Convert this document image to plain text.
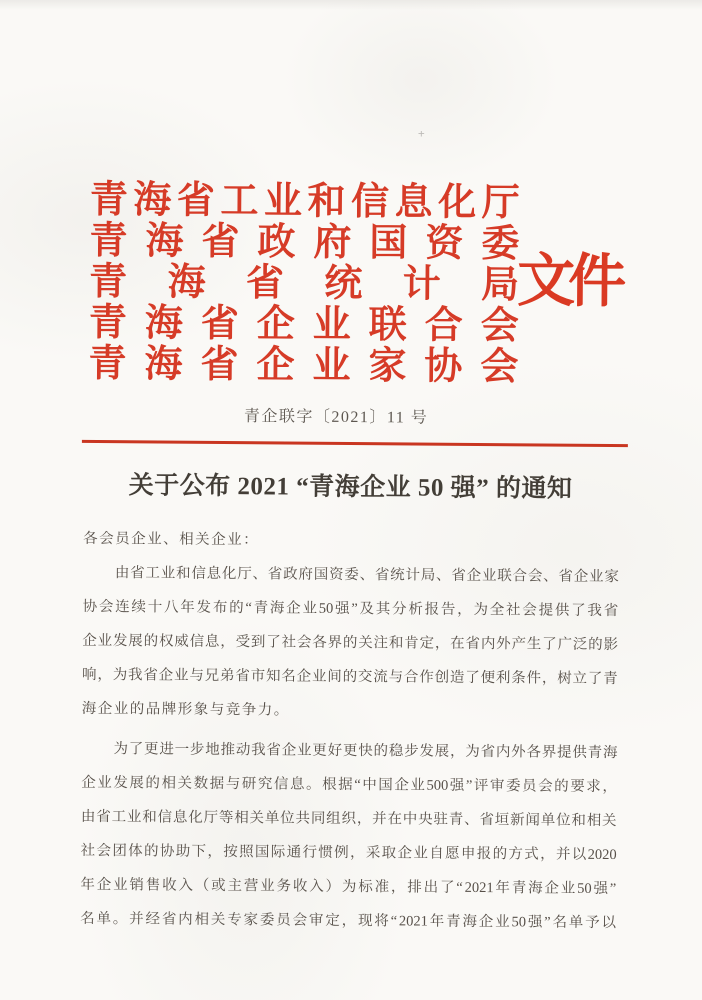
+
青 海 省 工 业 和 信 息 化 厅
青 海 省 政 府 国 资 委
青 海 省 统 计 局
青 海 省 企 业 联 合 会
青 海 省 企 业 家 协 会
文件
青企联字〔2021〕11 号
关于公布 2021 “青海企业 50 强” 的通知
各会员企业、相关企业：
由 省 工 业 和 信 息 化 厅 、 省 政 府 国 资 委 、 省 统 计 局 、 省 企 业 联 合 会 、 省 企 业 家
协 会 连 续 十 八 年 发 布 的 “ 青 海 企 业 50 强 ” 及 其 分 析 报 告 ， 为 全 社 会 提 供 了 我 省
企 业 发 展 的 权 威 信 息 ， 受 到 了 社 会 各 界 的 关 注 和 肯 定 ， 在 省 内 外 产 生 了 广 泛 的 影
响 ， 为 我 省 企 业 与 兄 弟 省 市 知 名 企 业 间 的 交 流 与 合 作 创 造 了 便 利 条 件 ， 树 立 了 青
海企业的品牌形象与竞争力。
为 了 更 进 一 步 地 推 动 我 省 企 业 更 好 更 快 的 稳 步 发 展 ， 为 省 内 外 各 界 提 供 青 海
企 业 发 展 的 相 关 数 据 与 研 究 信 息 。 根 据 “ 中 国 企 业 500 强 ” 评 审 委 员 会 的 要 求 ，
由 省 工 业 和 信 息 化 厅 等 相 关 单 位 共 同 组 织 ， 并 在 中 央 驻 青 、 省 垣 新 闻 单 位 和 相 关
社 会 团 体 的 协 助 下 ， 按 照 国 际 通 行 惯 例 ， 采 取 企 业 自 愿 申 报 的 方 式 ， 并 以 2020
年 企 业 销 售 收 入 （ 或 主 营 业 务 收 入 ） 为 标 准 ， 排 出 了 “ 2021 年 青 海 企 业 50 强 ”
名 单 。 并 经 省 内 相 关 专 家 委 员 会 审 定 ， 现 将 “ 2021 年 青 海 企 业 50 强 ” 名 单 予 以
